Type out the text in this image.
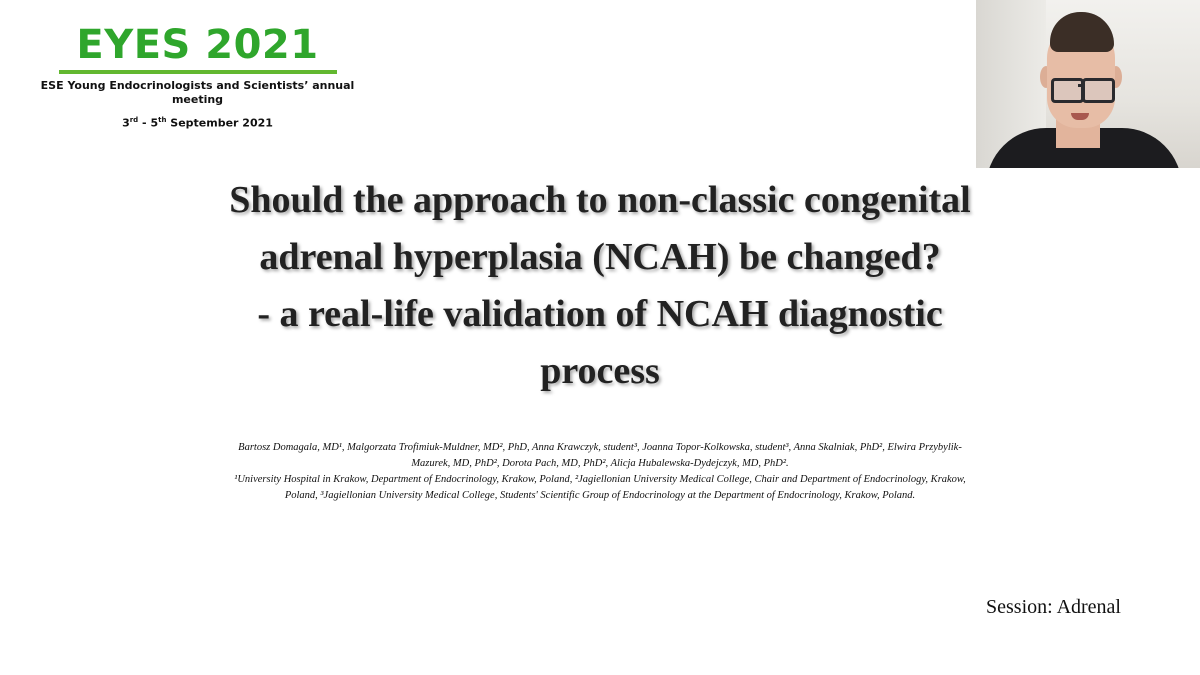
EYES 2021
ESE Young Endocrinologists and Scientists’ annual meeting
3rd - 5th September 2021
Should the approach to non-classic congenital
adrenal hyperplasia (NCAH) be changed?
- a real-life validation of NCAH diagnostic
process
Bartosz Domagala, MD¹, Malgorzata Trofimiuk-Muldner, MD², PhD, Anna Krawczyk, student³, Joanna Topor-Kolkowska, student³, Anna Skalniak, PhD², Elwira Przybylik-
Mazurek, MD, PhD², Dorota Pach, MD, PhD², Alicja Hubalewska-Dydejczyk, MD, PhD².
¹University Hospital in Krakow, Department of Endocrinology, Krakow, Poland, ²Jagiellonian University Medical College, Chair and Department of Endocrinology, Krakow,
Poland, ³Jagiellonian University Medical College, Students' Scientific Group of Endocrinology at the Department of Endocrinology, Krakow, Poland.
Session: Adrenal
